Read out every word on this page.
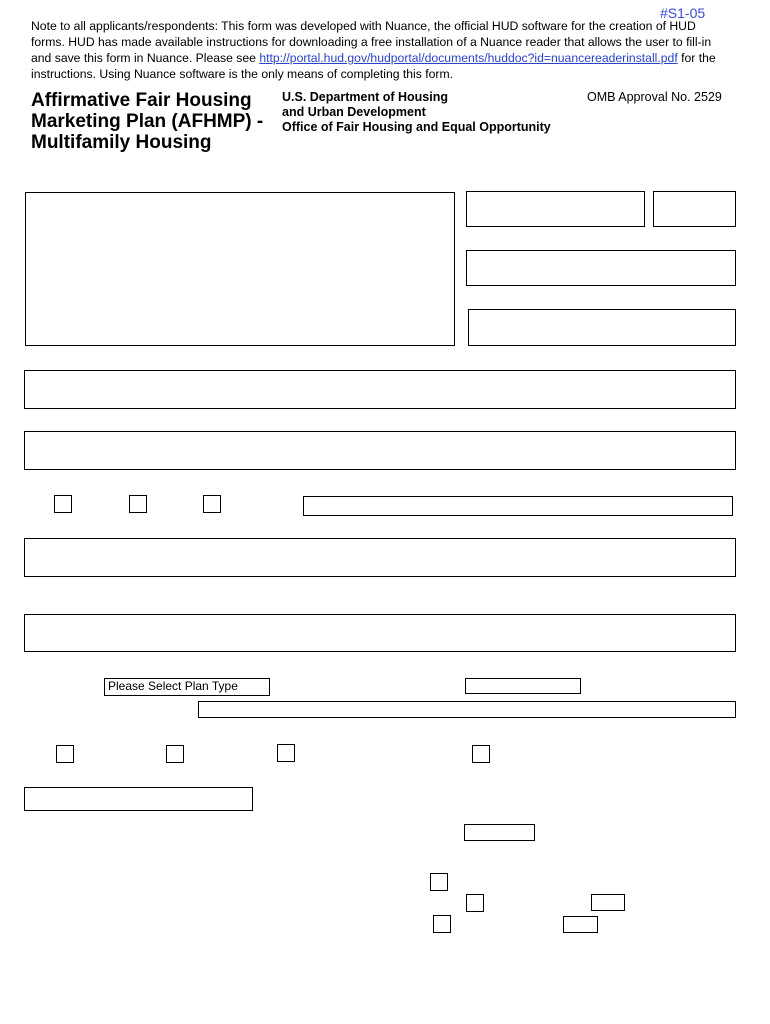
#S1-05
Note to all applicants/respondents: This form was developed with Nuance, the official HUD software for the creation of HUD forms. HUD has made available instructions for downloading a free installation of a Nuance reader that allows the user to fill-in and save this form in Nuance. Please see http://portal.hud.gov/hudportal/documents/huddoc?id=nuancereaderinstall.pdf for the instructions. Using Nuance software is the only means of completing this form.
Affirmative Fair Housing
Marketing Plan (AFHMP) -
Multifamily Housing
U.S. Department of Housing
and Urban Development
Office of Fair Housing and Equal Opportunity
OMB Approval No. 2529
Please Select Plan Type
